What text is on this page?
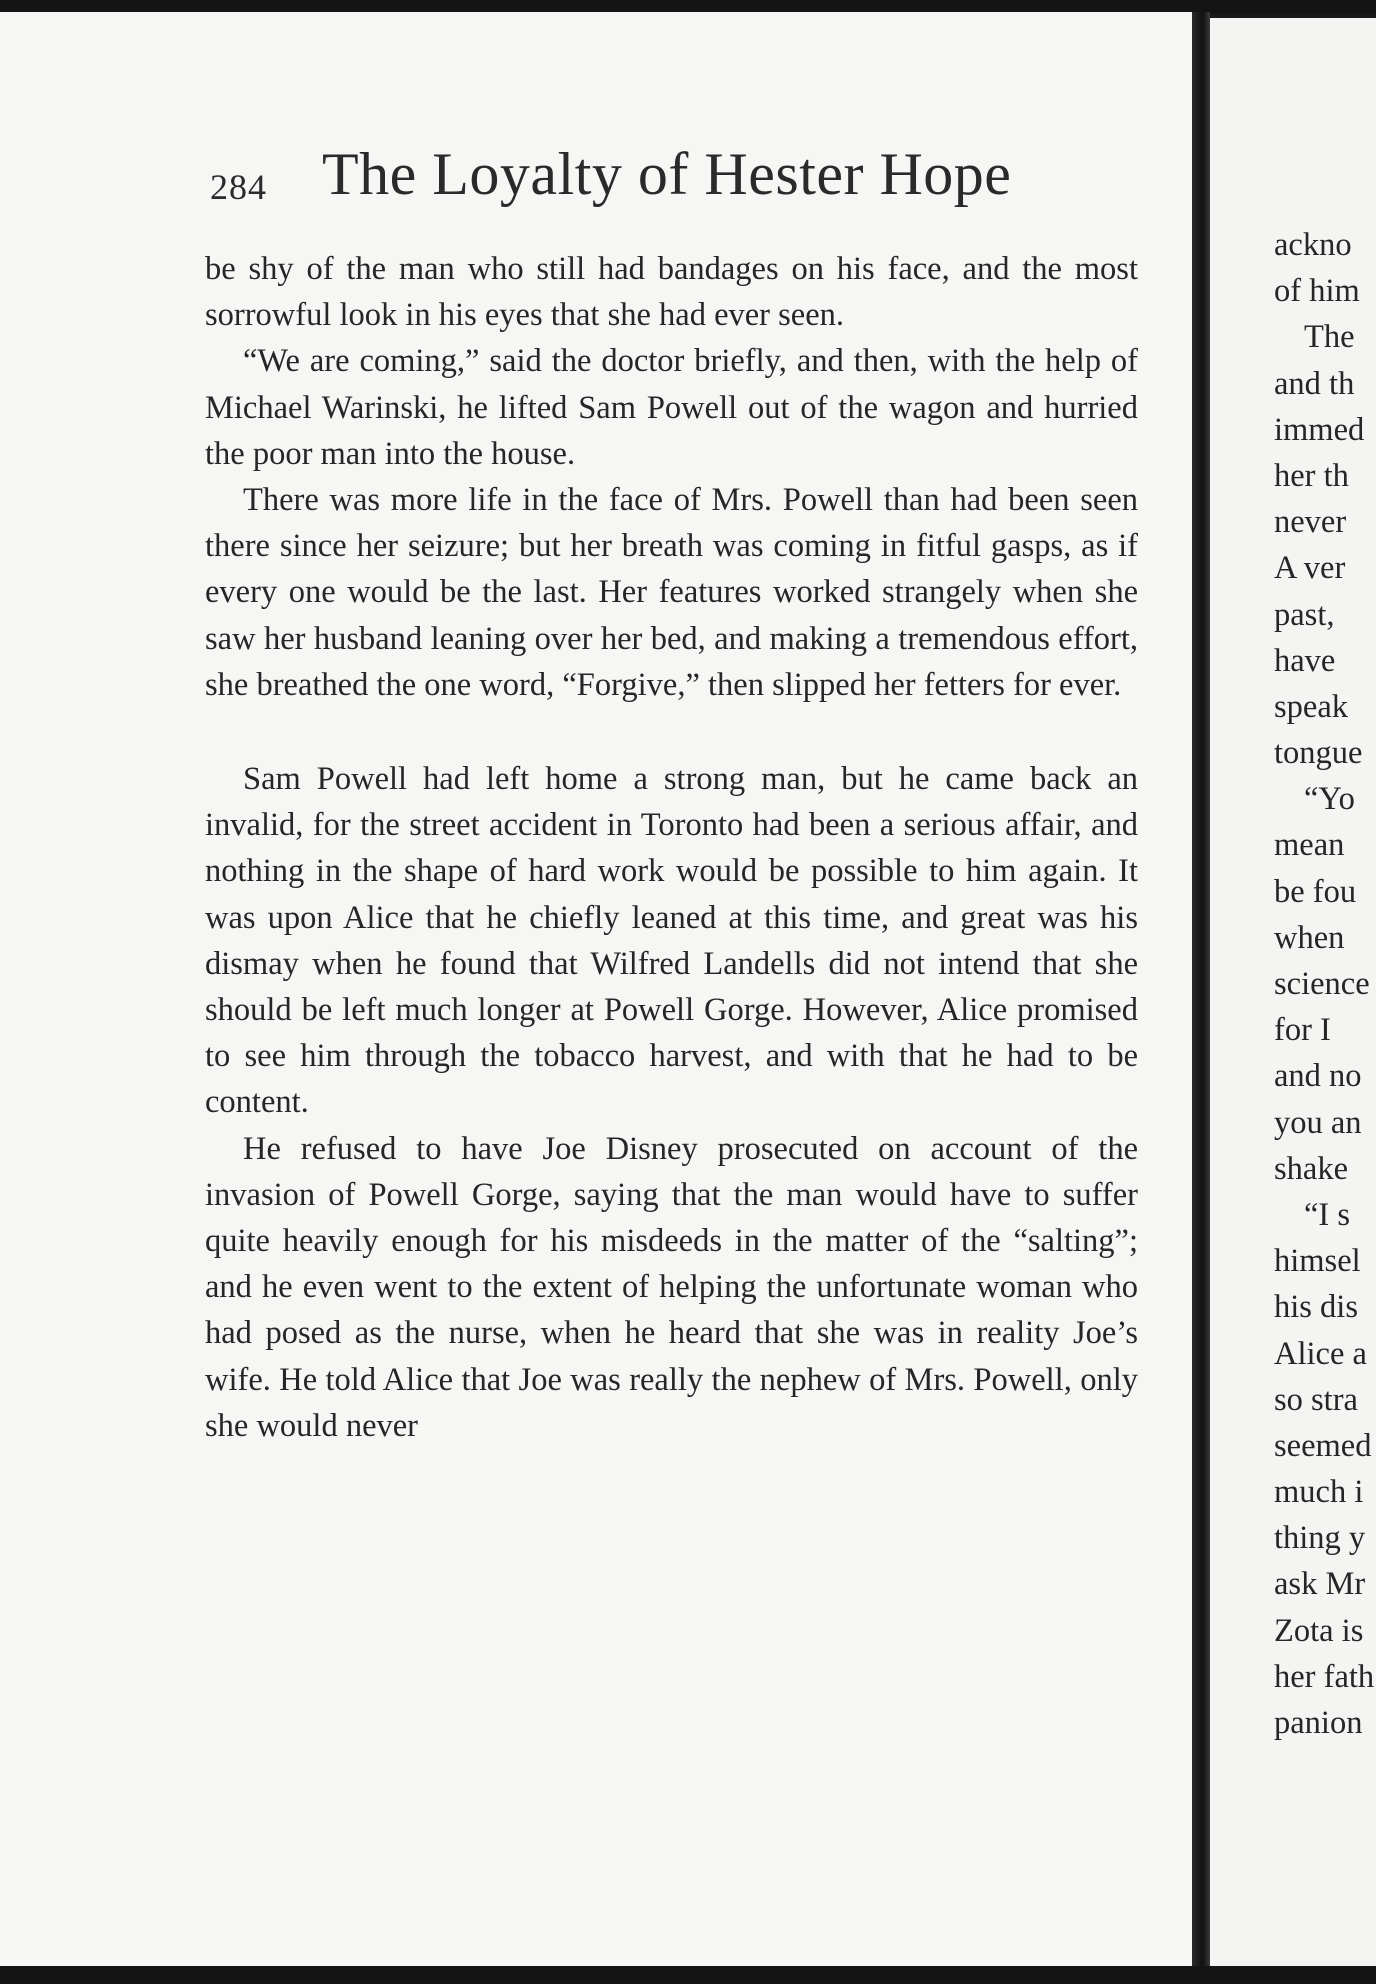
284 The Loyalty of Hester Hope

be shy of the man who still had bandages on his face, and the most sorrowful look in his eyes that she had ever seen.

“We are coming,” said the doctor briefly, and then, with the help of Michael Warinski, he lifted Sam Powell out of the wagon and hurried the poor man into the house.

There was more life in the face of Mrs. Powell than had been seen there since her seizure; but her breath was coming in fitful gasps, as if every one would be the last. Her features worked strangely when she saw her husband leaning over her bed, and making a tremendous effort, she breathed the one word, “Forgive,” then slipped her fetters for ever.

Sam Powell had left home a strong man, but he came back an invalid, for the street accident in Toronto had been a serious affair, and nothing in the shape of hard work would be possible to him again. It was upon Alice that he chiefly leaned at this time, and great was his dismay when he found that Wilfred Landells did not intend that she should be left much longer at Powell Gorge. However, Alice promised to see him through the tobacco harvest, and with that he had to be content.

He refused to have Joe Disney prosecuted on account of the invasion of Powell Gorge, saying that the man would have to suffer quite heavily enough for his misdeeds in the matter of the “salting”; and he even went to the extent of helping the unfortunate woman who had posed as the nurse, when he heard that she was in reality Joe’s wife. He told Alice that Joe was really the nephew of Mrs. Powell, only she would never

ackno
of him
The
and th
immed
her th
never
A ver
past,
have
speak
tongue
“Yo
mean
be fou
when
science
for I
and no
you an
shake
“I s
himsel
his dis
Alice a
so stra
seemed
much i
thing y
ask Mr
Zota is
her fath
panion
